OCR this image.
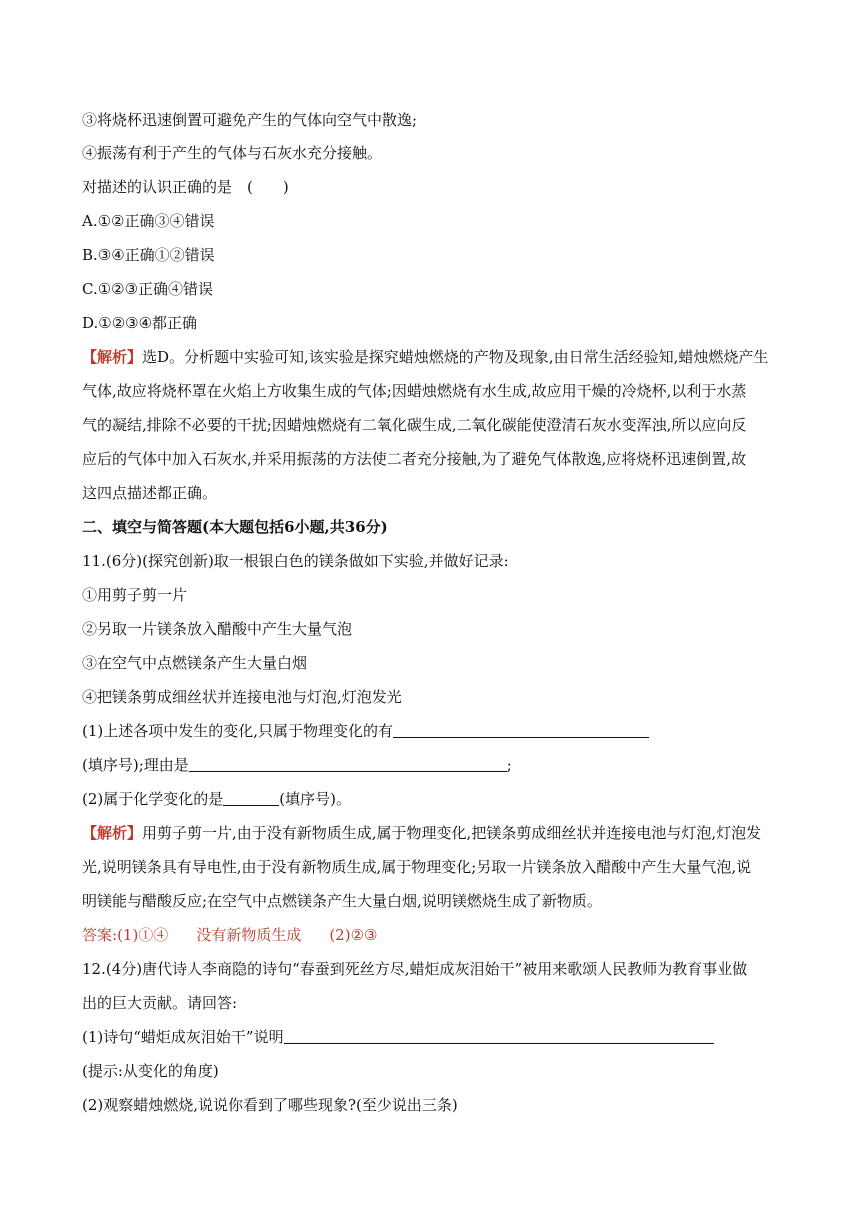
③将烧杯迅速倒置可避免产生的气体向空气中散逸;
④振荡有利于产生的气体与石灰水充分接触。
对描述的认识正确的是　(　　)
A.①②正确③④错误
B.③④正确①②错误
C.①②③正确④错误
D.①②③④都正确
【解析】选D。分析题中实验可知,该实验是探究蜡烛燃烧的产物及现象,由日常生活经验知,蜡烛燃烧产生
气体,故应将烧杯罩在火焰上方收集生成的气体;因蜡烛燃烧有水生成,故应用干燥的冷烧杯,以利于水蒸
气的凝结,排除不必要的干扰;因蜡烛燃烧有二氧化碳生成,二氧化碳能使澄清石灰水变浑浊,所以应向反
应后的气体中加入石灰水,并采用振荡的方法使二者充分接触,为了避免气体散逸,应将烧杯迅速倒置,故
这四点描述都正确。
二、填空与简答题(本大题包括6小题,共36分)
11.(6分)(探究创新)取一根银白色的镁条做如下实验,并做好记录:
①用剪子剪一片
②另取一片镁条放入醋酸中产生大量气泡
③在空气中点燃镁条产生大量白烟
④把镁条剪成细丝状并连接电池与灯泡,灯泡发光
(1)上述各项中发生的变化,只属于物理变化的有
(填序号);理由是	;
(2)属于化学变化的是	(填序号)。
【解析】用剪子剪一片,由于没有新物质生成,属于物理变化,把镁条剪成细丝状并连接电池与灯泡,灯泡发
光,说明镁条具有导电性,由于没有新物质生成,属于物理变化;另取一片镁条放入醋酸中产生大量气泡,说
明镁能与醋酸反应;在空气中点燃镁条产生大量白烟,说明镁燃烧生成了新物质。
答案:(1)①④ 没有新物质生成 (2)②③
12.(4分)唐代诗人李商隐的诗句“春蚕到死丝方尽,蜡炬成灰泪始干”被用来歌颂人民教师为教育事业做
出的巨大贡献。请回答:
(1)诗句“蜡炬成灰泪始干”说明
(提示:从变化的角度)
(2)观察蜡烛燃烧,说说你看到了哪些现象?(至少说出三条)
